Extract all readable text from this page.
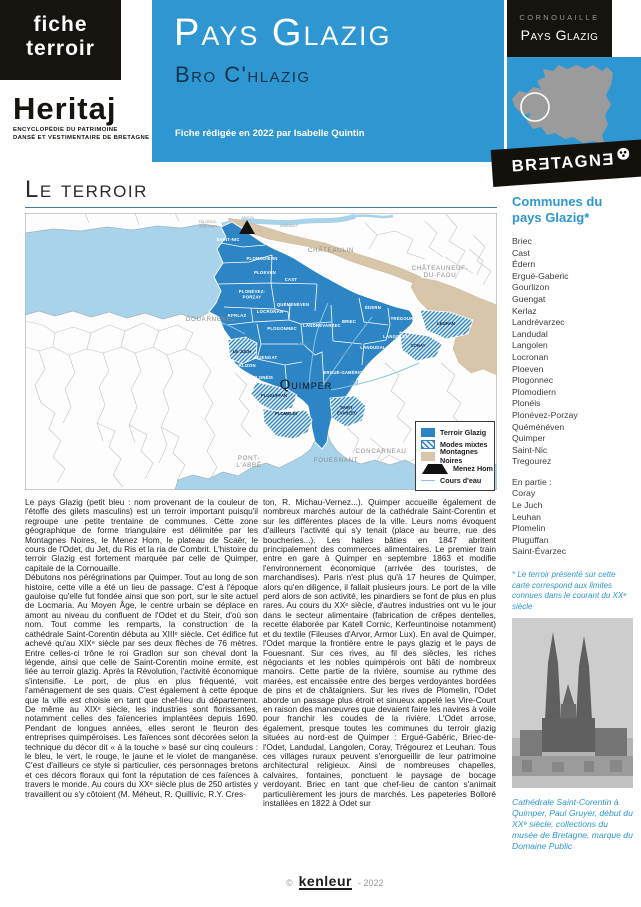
fiche
terroir
Heritaj
ENCYCLOPÉDIE DU PATRIMOINE
DANSÉ ET VESTIMENTAIRE DE BRETAGNE
Pays Glazig
Bro C'hlazig
Fiche rédigée en 2022 par Isabelle Quintin
CORNOUAILLE
Pays Glazig
BRƎTAGNƎ
Le terroir
SAINT-NIC
PLOMODIERN
PLOEVEN
CAST
PLONÉVEZ-
PORZAY
QUÉMÉNÉVEN
KERLAZ
LOCRONAN
PLOGONNEC
LANDRÉVARZEC
BRIEC
ÉDERN
TRÉGOUREZ
LANGOLEN
LANDUDAL
GUENGAT
GOURLIZON
PLONÉIS
ERGUÉ-GABÉRIC
LE JUCH
PLUGUFFAN
PLOMELIN
SAINT-
ÉVARZEC
CORAY
LEUHAN
Quimper
Ris
Steïr
Odet
Jet
DOUARNENEZ
CHÂTEAULIN
CHÂTEAUNEUF-
DU-FAOU
FOUESNANT
CONCARNEAU
PONT-
L'ABBÉ
TELGRUC-
SUR-MER
ARGOL
DINÉAULT
Terroir Glazig
Modes mixtes
Montagnes Noires
Menez Hom
Cours d'eau

Le pays Glazig (petit bleu : nom provenant de la couleur de l'étoffe des gilets masculins) est un terroir important puisqu'il regroupe une petite trentaine de communes. Cette zone géographique de forme triangulaire est délimitée par les Montagnes Noires, le Menez Hom, le plateau de Scaër, le cours de l'Odet, du Jet, du Ris et la ria de Combrit. L'histoire du terroir Glazig est fortement marquée par celle de Quimper, capitale de la Cornouaille.

Débutons nos pérégrinations par Quimper. Tout au long de son histoire, cette ville a été un lieu de passage. C'est à l'époque gauloise qu'elle fut fondée ainsi que son port, sur le site actuel de Locmaria. Au Moyen Âge, le centre urbain se déplace en amont au niveau du confluent de l'Odet et du Steir, d'où son nom. Tout comme les remparts, la construction de la cathédrale Saint-Corentin débuta au XIIIᵉ siècle. Cet édifice fut achevé qu'au XIXᵉ siècle par ses deux flèches de 76 mètres. Entre celles-ci trône le roi Gradlon sur son cheval dont la légende, ainsi que celle de Saint-Corentin moine ermite, est liée au terroir glazig. Après la Révolution, l'activité économique s'intensifie. Le port, de plus en plus fréquenté, voit l'aménagement de ses quais. C'est également à cette époque que la ville est choisie en tant que chef-lieu du département. De même au XIXᵉ siècle, les industries sont florissantes, notamment celles des faïenceries implantées depuis 1690. Pendant de longues années, elles seront le fleuron des entreprises quimpéroises. Les faïences sont décorées selon la technique du décor dit « à la touche » basé sur cinq couleurs : le bleu, le vert, le rouge, le jaune et le violet de manganèse. C'est d'ailleurs ce style si particulier, ces personnages bretons et ces décors floraux qui font la réputation de ces faïences à travers le monde. Au cours du XXᵉ siècle plus de 250 artistes y travaillent ou s'y côtoient (M. Méheut, R. Quillivic, R.Y. Cres-

ton, R. Michau-Vernez...). Quimper accueille également de nombreux marchés autour de la cathédrale Saint-Corentin et sur les différentes places de la ville. Leurs noms évoquent d'ailleurs l'activité qui s'y tenait (place au beurre, rue des boucheries...). Les halles bâties en 1847 abritent principalement des commerces alimentaires. Le premier train entre en gare à Quimper en septembre 1863 et modifie l'environnement économique (arrivée des touristes, de marchandises). Paris n'est plus qu'à 17 heures de Quimper, alors qu'en diligence, il fallait plusieurs jours. Le port de la ville perd alors de son activité, les pinardiers se font de plus en plus rares. Au cours du XXᵉ siècle, d'autres industries ont vu le jour dans le secteur alimentaire (fabrication de crêpes dentelles, recette élaborée par Katell Cornic, Kerfeuntinoise notamment) et du textile (Fileuses d'Arvor, Armor Lux). En aval de Quimper, l'Odet marque la frontière entre le pays glazig et le pays de Fouesnant. Sur ces rives, au fil des siècles, les riches négociants et les nobles quimpérois ont bâti de nombreux manoirs. Cette partie de la rivière, soumise au rythme des marées, est encaissée entre des berges verdoyantes bordées de pins et de châtaigniers. Sur les rives de Plomelin, l'Odet aborde un passage plus étroit et sinueux appelé les Vire-Court en raison des manœuvres que devaient faire les navires à voile pour franchir les coudes de la rivière. L'Odet arrose, également, presque toutes les communes du terroir glazig situées au nord-est de Quimper : Ergué-Gabéric, Briec-de-l'Odet, Landudal, Langolen, Coray, Trégourez et Leuhan. Tous ces villages ruraux peuvent s'enorgueillir de leur patrimoine architectural religieux. Ainsi de nombreuses chapelles, calvaires, fontaines, ponctuent le paysage de bocage verdoyant. Briec en tant que chef-lieu de canton s'animait particulièrement les jours de marchés. Les papeteries Bolloré installées en 1822 à Odet sur

Communes du pays Glazig*
Briec
Cast
Édern
Ergué-Gaberic
Gourlizon
Guengat
Kerlaz
Landrévarzec
Landudal
Langolen
Locronan
Ploeven
Plogonnec
Plomodiern
Plonéis
Plonévez-Porzay
Quéménéven
Quimper
Saint-Nic
Tregourez
En partie :
Coray
Le Juch
Leuhan
Plomelin
Pluguffan
Saint-Évarzec
* Le terroir présenté sur cette carte correspond aux limites connues dans le courant du XXᵉ siècle
Cathédrale Saint-Corentin à Quimper, Paul Gruyer, début du XXᵉ siècle, collections du musée de Bretagne, marque du Domaine Public
© kenleur - 2022
